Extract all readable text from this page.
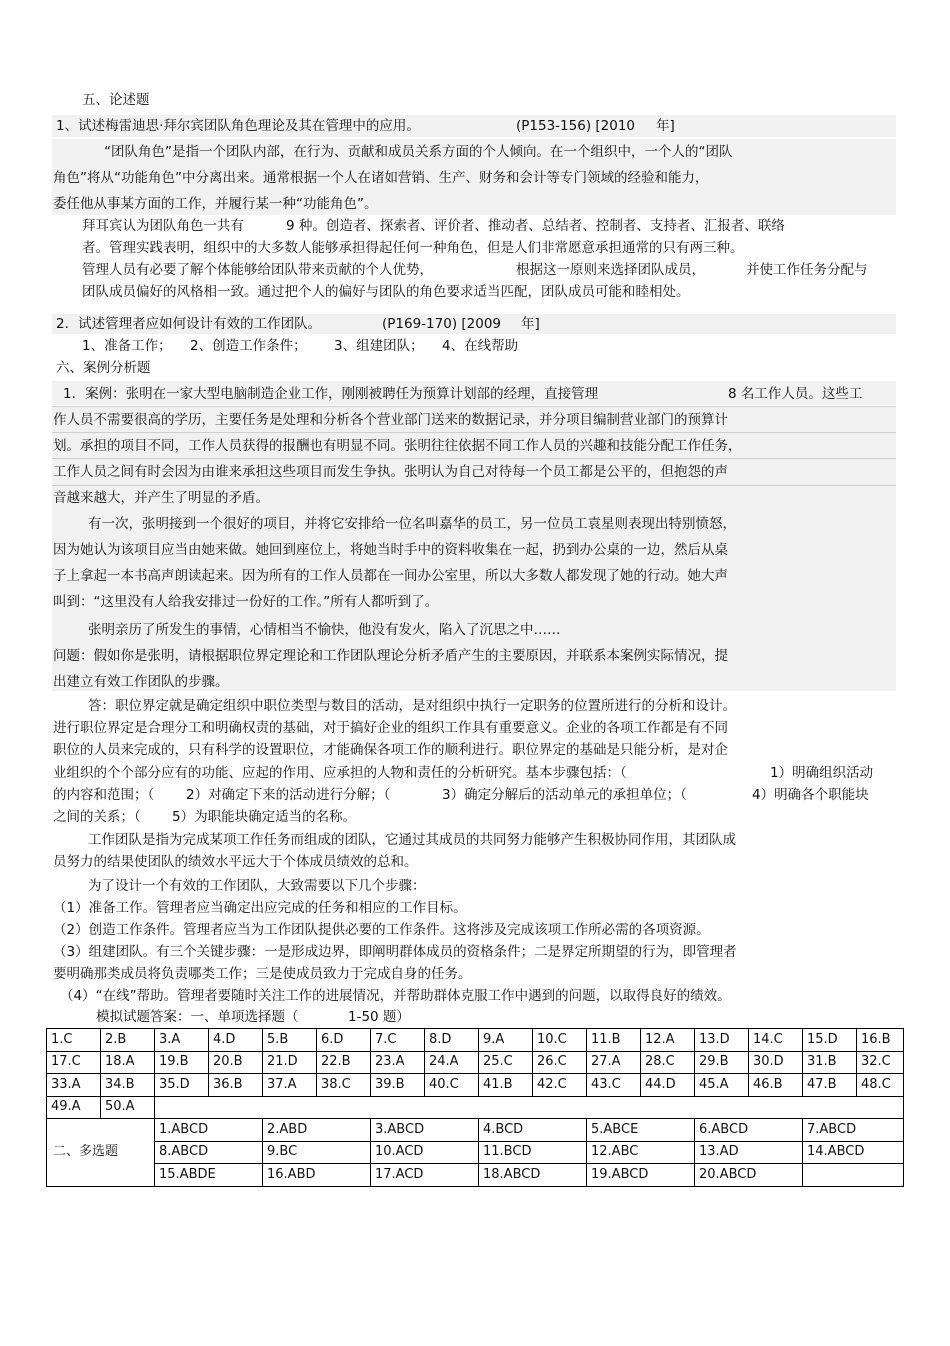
五、论述题
1、试述梅雷迪思·拜尔宾团队角色理论及其在管理中的应用。	(P153-156) [2010 年]
“团队角色”是指一个团队内部，在行为、贡献和成员关系方面的个人倾向。在一个组织中，一个人的“团队
角色”将从“功能角色”中分离出来。通常根据一个人在诸如营销、生产、财务和会计等专门领域的经验和能力，
委任他从事某方面的工作，并履行某一种“功能角色”。
拜耳宾认为团队角色一共有	9 种。创造者、探索者、评价者、推动者、总结者、控制者、支持者、汇报者、联络
者。管理实践表明，组织中的大多数人能够承担得起任何一种角色，但是人们非常愿意承担通常的只有两三种。
管理人员有必要了解个体能够给团队带来贡献的个人优势，	根据这一原则来选择团队成员，	并使工作任务分配与
团队成员偏好的风格相一致。通过把个人的偏好与团队的角色要求适当匹配，团队成员可能和睦相处。
2．试述管理者应如何设计有效的工作团队。	(P169-170) [2009 年]
1、准备工作； 2、创造工作条件； 3、组建团队； 4、在线帮助
六、案例分析题
1．案例：张明在一家大型电脑制造企业工作，刚刚被聘任为预算计划部的经理，直接管理	8 名工作人员。这些工
作人员不需要很高的学历，主要任务是处理和分析各个营业部门送来的数据记录，并分项目编制营业部门的预算计
划。承担的项目不同，工作人员获得的报酬也有明显不同。张明往往依据不同工作人员的兴趣和技能分配工作任务，
工作人员之间有时会因为由谁来承担这些项目而发生争执。张明认为自己对待每一个员工都是公平的，但抱怨的声
音越来越大，并产生了明显的矛盾。
有一次，张明接到一个很好的项目，并将它安排给一位名叫嘉华的员工，另一位员工袁星则表现出特别愤怒，
因为她认为该项目应当由她来做。她回到座位上，将她当时手中的资料收集在一起，扔到办公桌的一边，然后从桌
子上拿起一本书高声朗读起来。因为所有的工作人员都在一间办公室里，所以大多数人都发现了她的行动。她大声
叫到：“这里没有人给我安排过一份好的工作。”所有人都听到了。
张明亲历了所发生的事情，心情相当不愉快，他没有发火，陷入了沉思之中……
问题：假如你是张明，请根据职位界定理论和工作团队理论分析矛盾产生的主要原因，并联系本案例实际情况，提
出建立有效工作团队的步骤。
答：职位界定就是确定组织中职位类型与数目的活动，是对组织中执行一定职务的位置所进行的分析和设计。
进行职位界定是合理分工和明确权责的基础，对于搞好企业的组织工作具有重要意义。企业的各项工作都是有不同
职位的人员来完成的，只有科学的设置职位，才能确保各项工作的顺利进行。职位界定的基础是只能分析，是对企
业组织的个个部分应有的功能、应起的作用、应承担的人物和责任的分析研究。基本步骤包括：（	1）明确组织活动
的内容和范围；（ 2）对确定下来的活动进行分解；（	3）确定分解后的活动单元的承担单位；（	4）明确各个职能块
之间的关系；（ 5）为职能块确定适当的名称。
工作团队是指为完成某项工作任务而组成的团队，它通过其成员的共同努力能够产生积极协同作用，其团队成
员努力的结果使团队的绩效水平远大于个体成员绩效的总和。
为了设计一个有效的工作团队，大致需要以下几个步骤：
（1）准备工作。管理者应当确定出应完成的任务和相应的工作目标。
（2）创造工作条件。管理者应当为工作团队提供必要的工作条件。这将涉及完成该项工作所必需的各项资源。
（3）组建团队。有三个关键步骤：一是形成边界，即阐明群体成员的资格条件；二是界定所期望的行为，即管理者
要明确那类成员将负责哪类工作；三是使成员致力于完成自身的任务。
（4）“在线”帮助。管理者要随时关注工作的进展情况，并帮助群体克服工作中遇到的问题，以取得良好的绩效。
模拟试题答案：一、单项选择题（	1-50 题）
1.C	2.B	3.A	4.D	5.B	6.D	7.C	8.D	9.A	10.C	11.B	12.A	13.D	14.C	15.D	16.B
17.C	18.A	19.B	20.B	21.D	22.B	23.A	24.A	25.C	26.C	27.A	28.C	29.B	30.D	31.B	32.C
33.A	34.B	35.D	36.B	37.A	38.C	39.B	40.C	41.B	42.C	43.C	44.D	45.A	46.B	47.B	48.C
49.A	50.A														
二、多选题		1.ABCD		2.ABD		3.ABCD		4.BCD		5.ABCE		6.ABCD		7.ABCD	
		8.ABCD		9.BC		10.ACD		11.BCD		12.ABC		13.AD		14.ABCD	
		15.ABDE		16.ABD		17.ACD		18.ABCD		19.ABCD		20.ABCD			
